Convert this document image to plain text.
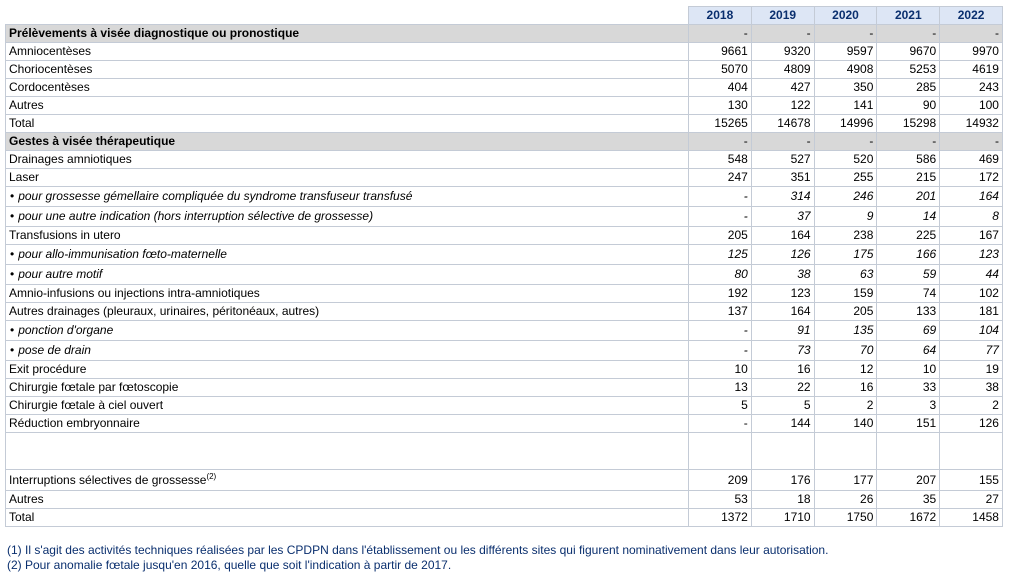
	2018	2019	2020	2021	2022
Prélèvements à visée diagnostique ou pronostique	-	-	-	-	-
Amniocentèses	9661	9320	9597	9670	9970
Choriocentèses	5070	4809	4908	5253	4619
Cordocentèses	404	427	350	285	243
Autres	130	122	141	90	100
Total	15265	14678	14996	15298	14932
Gestes à visée thérapeutique	-	-	-	-	-
Drainages amniotiques	548	527	520	586	469
Laser	247	351	255	215	172
• pour grossesse gémellaire compliquée du syndrome transfuseur transfusé	-	314	246	201	164
• pour une autre indication (hors interruption sélective de grossesse)	-	37	9	14	8
Transfusions in utero	205	164	238	225	167
• pour allo-immunisation fœto-maternelle	125	126	175	166	123
• pour autre motif	80	38	63	59	44
Amnio-infusions ou injections intra-amniotiques	192	123	159	74	102
Autres drainages (pleuraux, urinaires, péritonéaux, autres)	137	164	205	133	181
• ponction d'organe	-	91	135	69	104
• pose de drain	-	73	70	64	77
Exit procédure	10	16	12	10	19
Chirurgie fœtale par fœtoscopie	13	22	16	33	38
Chirurgie fœtale à ciel ouvert	5	5	2	3	2
Réduction embryonnaire	-	144	140	151	126

Interruptions sélectives de grossesse$^{(2)}$	209	176	177	207	155
Autres	53	18	26	35	27
Total	1372	1710	1750	1672	1458
(1) Il s'agit des activités techniques réalisées par les CPDPN dans l'établissement ou les différents sites qui figurent nominativement dans leur autorisation.
(2) Pour anomalie fœtale jusqu'en 2016, quelle que soit l'indication à partir de 2017.
